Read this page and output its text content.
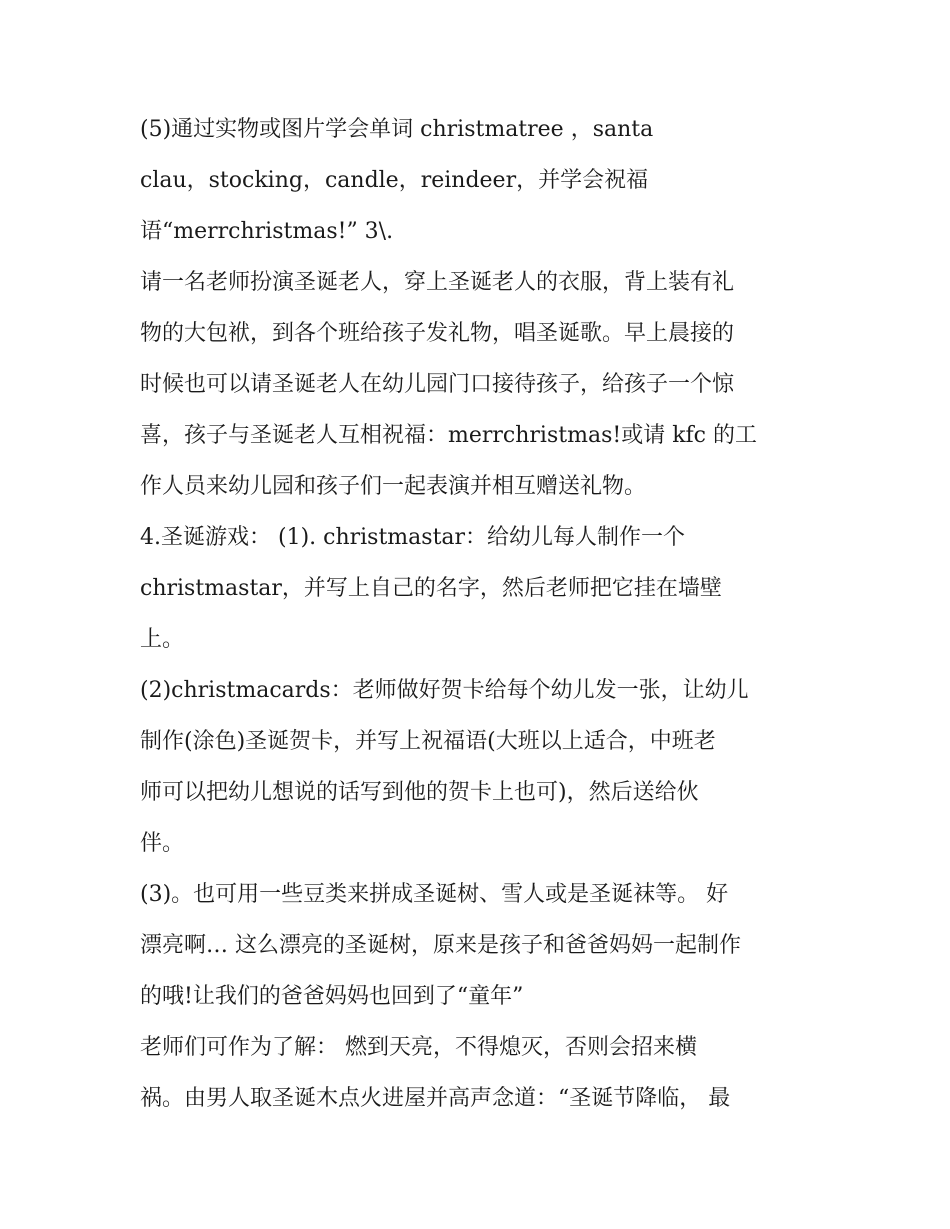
(5)通过实物或图片学会单词 christmatree ，santa
clau，stocking，candle，reindeer，并学会祝福
语“merrchristmas!” 3\.
请一名老师扮演圣诞老人，穿上圣诞老人的衣服，背上装有礼
物的大包袱，到各个班给孩子发礼物，唱圣诞歌。早上晨接的
时候也可以请圣诞老人在幼儿园门口接待孩子，给孩子一个惊
喜，孩子与圣诞老人互相祝福：merrchristmas!或请 kfc 的工
作人员来幼儿园和孩子们一起表演并相互赠送礼物。
4.圣诞游戏： (1). christmastar：给幼儿每人制作一个
christmastar，并写上自己的名字，然后老师把它挂在墙壁
上。
(2)christmacards：老师做好贺卡给每个幼儿发一张，让幼儿
制作(涂色)圣诞贺卡，并写上祝福语(大班以上适合，中班老
师可以把幼儿想说的话写到他的贺卡上也可)，然后送给伙
伴。
(3)。也可用一些豆类来拼成圣诞树、雪人或是圣诞袜等。 好
漂亮啊… 这么漂亮的圣诞树，原来是孩子和爸爸妈妈一起制作
的哦!让我们的爸爸妈妈也回到了“童年”
老师们可作为了解： 燃到天亮，不得熄灭，否则会招来横
祸。由男人取圣诞木点火进屋并高声念道：“圣诞节降临， 最
